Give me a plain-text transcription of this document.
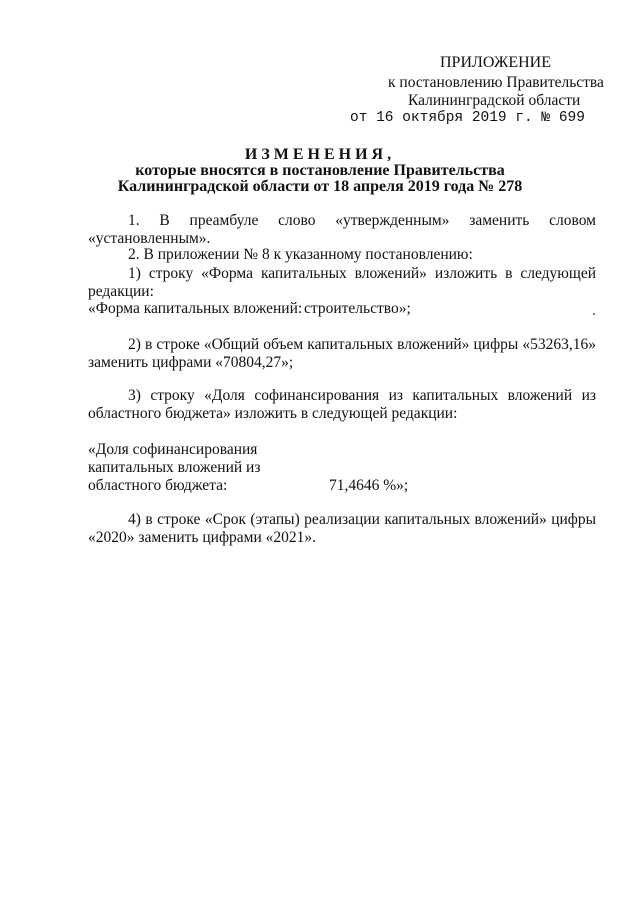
ПРИЛОЖЕНИЕ
к постановлению Правительства
Калининградской области
от 16 октября 2019 г. № 699
ИЗМЕНЕНИЯ,
которые вносятся в постановление Правительства
Калининградской области от 18 апреля 2019 года № 278
1. В преамбуле слово «утвержденным» заменить словом
«установленным».
2. В приложении № 8 к указанному постановлению:
1) строку «Форма капитальных вложений» изложить в следующей
редакции:
«Форма капитальных вложений: строительство»;
2) в строке «Общий объем капитальных вложений» цифры «53263,16»
заменить цифрами «70804,27»;
3) строку «Доля софинансирования из капитальных вложений из
областного бюджета» изложить в следующей редакции:
«Доля софинансирования
капитальных вложений из
областного бюджета:	71,4646 %»;
4) в строке «Срок (этапы) реализации капитальных вложений» цифры
«2020» заменить цифрами «2021».
